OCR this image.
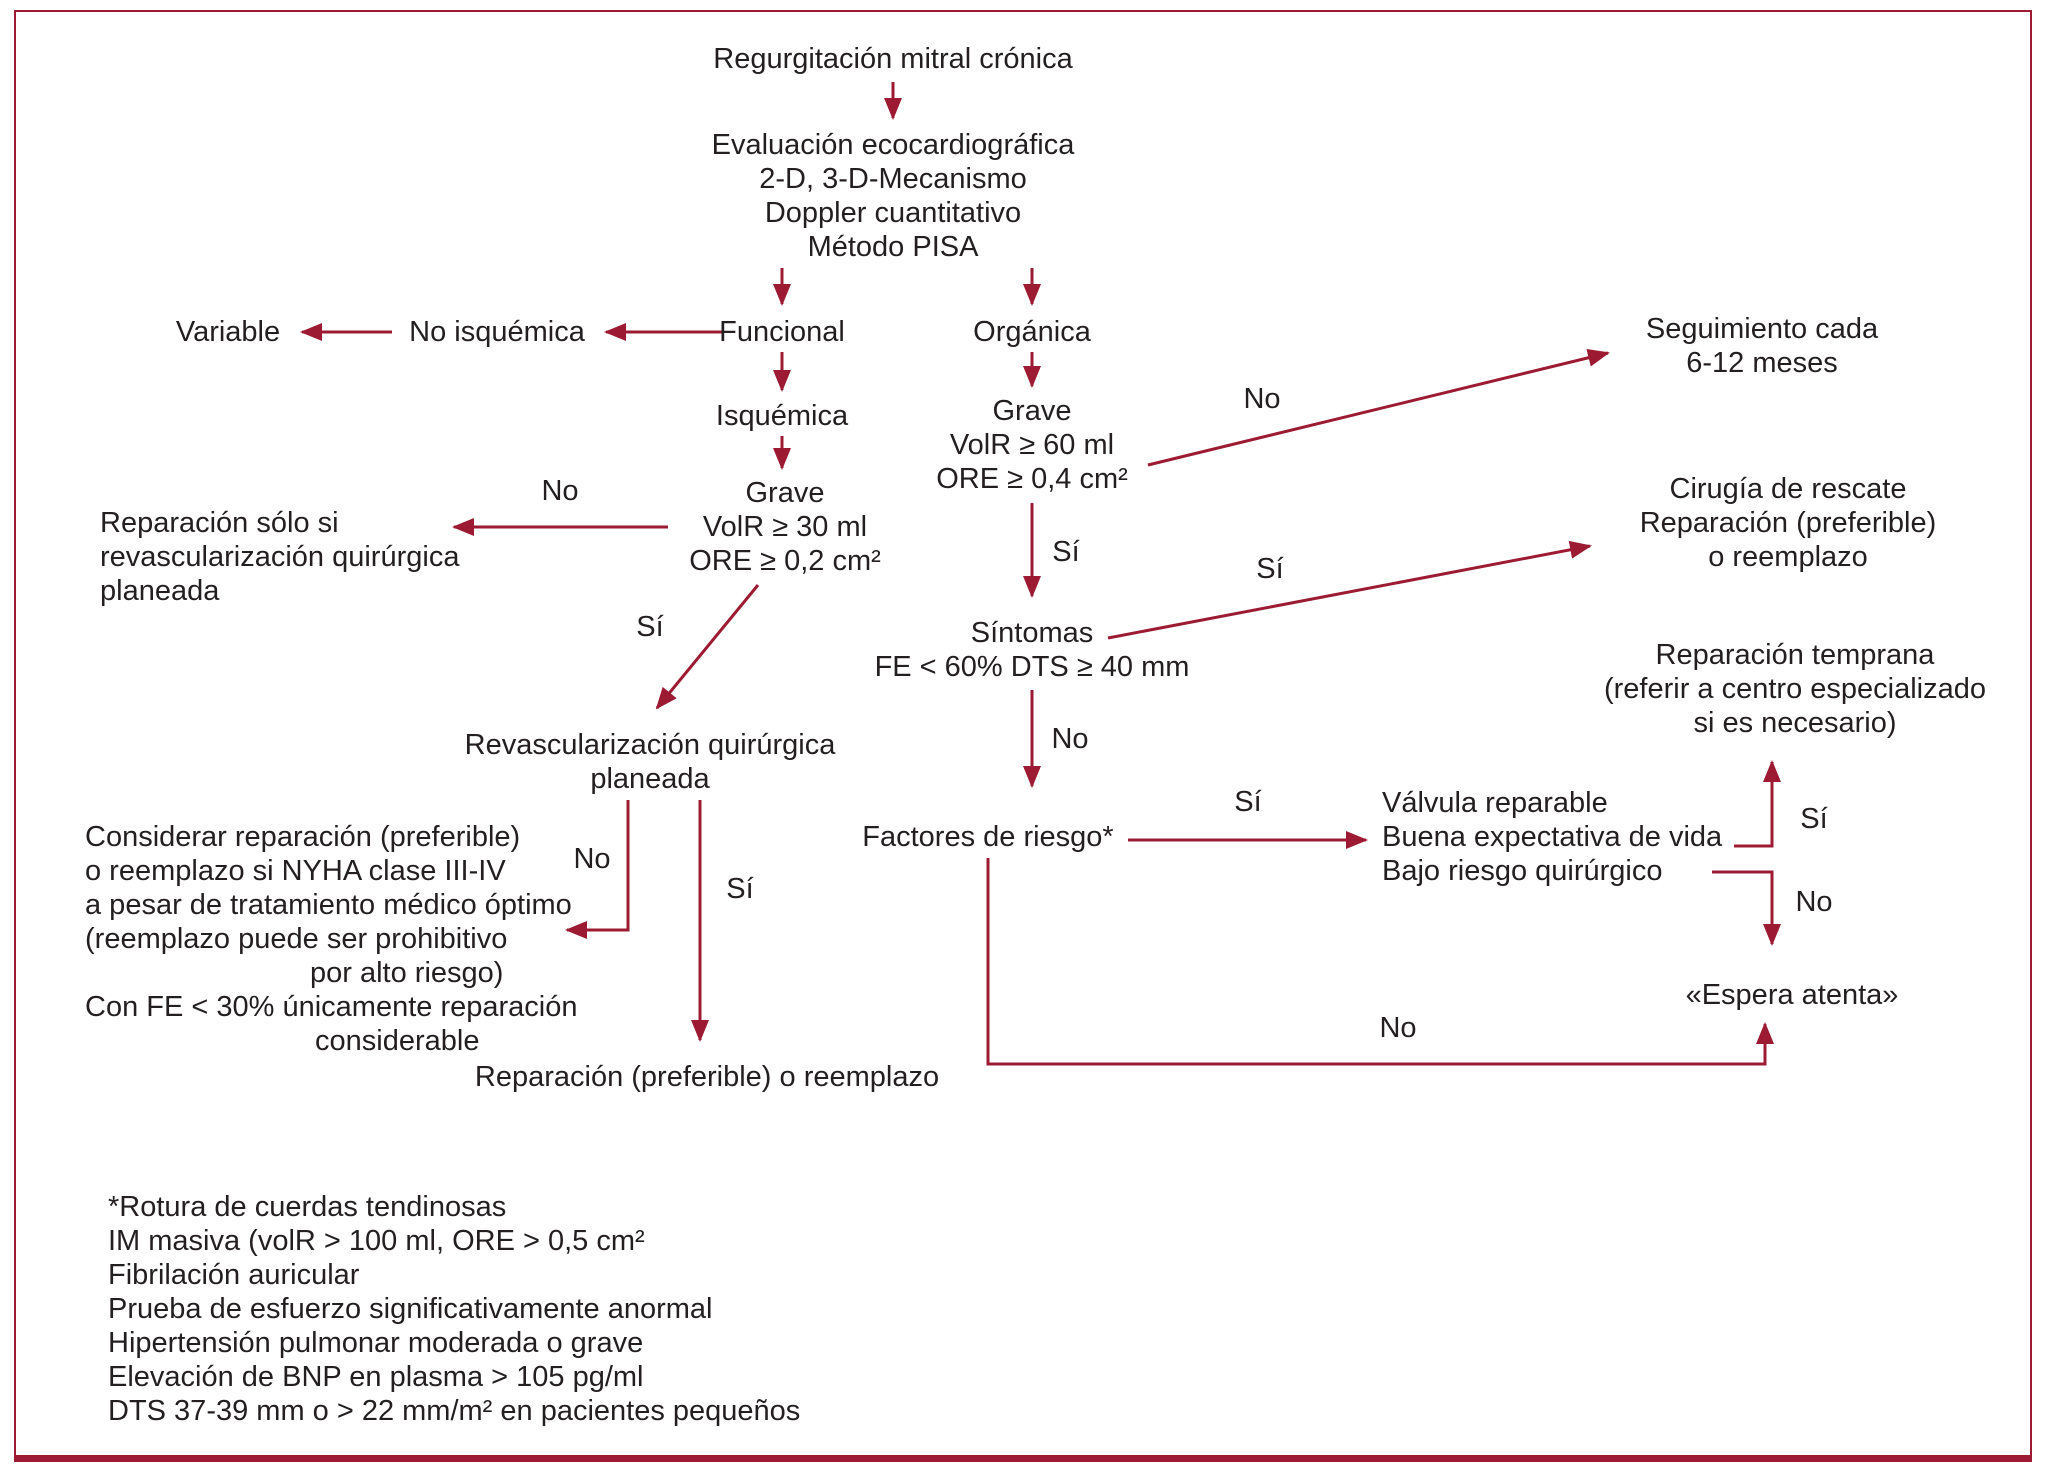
Regurgitación mitral crónica
Evaluación ecocardiográfica
2-D, 3-D-Mecanismo
Doppler cuantitativo
Método PISA
Funcional	Orgánica
No isquémica
Variable
Isquémica
Grave
VolR ≥ 30 ml
ORE ≥ 0,2 cm²
Reparación sólo si
revascularización quirúrgica
planeada
Revascularización quirúrgica
planeada
Considerar reparación (preferible)
o reemplazo si NYHA clase III-IV
a pesar de tratamiento médico óptimo
(reemplazo puede ser prohibitivo
por alto riesgo)
Con FE < 30% únicamente reparación
considerable
Reparación (preferible) o reemplazo
Grave
VolR ≥ 60 ml
ORE ≥ 0,4 cm²
Seguimiento cada
6-12 meses
Síntomas
FE < 60% DTS ≥ 40 mm
Cirugía de rescate
Reparación (preferible)
o reemplazo
Reparación temprana
(referir a centro especializado
si es necesario)
Factores de riesgo*
Válvula reparable
Buena expectativa de vida
Bajo riesgo quirúrgico
«Espera atenta»
No
Sí
No
Sí
No
Sí
Sí
No
Sí
Sí
No
No
*Rotura de cuerdas tendinosas
IM masiva (volR > 100 ml, ORE > 0,5 cm²
Fibrilación auricular
Prueba de esfuerzo significativamente anormal
Hipertensión pulmonar moderada o grave
Elevación de BNP en plasma > 105 pg/ml
DTS 37-39 mm o > 22 mm/m² en pacientes pequeños
